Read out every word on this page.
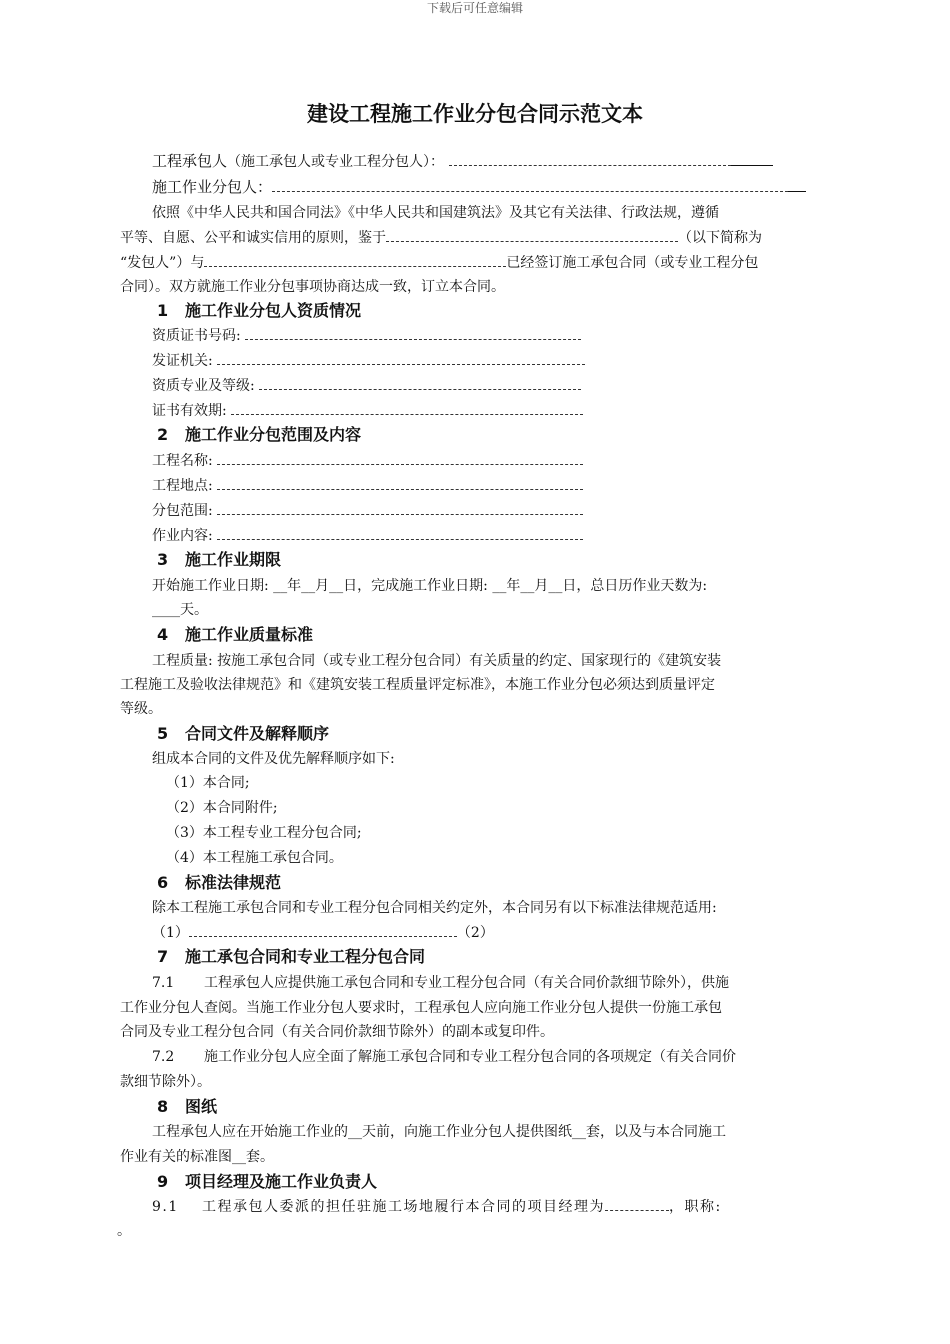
下载后可任意编辑
建设工程施工作业分包合同示范文本
工程承包人（施工承包人或专业工程分包人）：
施工作业分包人：
依照《中华人民共和国合同法》《中华人民共和国建筑法》及其它有关法律、行政法规，遵循
平等、自愿、公平和诚实信用的原则，鉴于	（以下简称为
“发包人”）与	已经签订施工承包合同（或专业工程分包
合同）。双方就施工作业分包事项协商达成一致，订立本合同。
1 施工作业分包人资质情况
资质证书号码:
发证机关:
资质专业及等级:
证书有效期:
2 施工作业分包范围及内容
工程名称:
工程地点:
分包范围:
作业内容:
3 施工作业期限
开始施工作业日期: __年__月__日，完成施工作业日期: __年__月__日，总日历作业天数为:
____天。
4 施工作业质量标准
工程质量: 按施工承包合同（或专业工程分包合同）有关质量的约定、国家现行的《建筑安装
工程施工及验收法律规范》和《建筑安装工程质量评定标准》，本施工作业分包必须达到质量评定
等级。
5 合同文件及解释顺序
组成本合同的文件及优先解释顺序如下:
（1）本合同;
（2）本合同附件;
（3）本工程专业工程分包合同;
（4）本工程施工承包合同。
6 标准法律规范
除本工程施工承包合同和专业工程分包合同相关约定外，本合同另有以下标准法律规范适用:
（1）	（2）
7 施工承包合同和专业工程分包合同
7.1 工程承包人应提供施工承包合同和专业工程分包合同（有关合同价款细节除外），供施
工作业分包人查阅。当施工作业分包人要求时，工程承包人应向施工作业分包人提供一份施工承包
合同及专业工程分包合同（有关合同价款细节除外）的副本或复印件。
7.2 施工作业分包人应全面了解施工承包合同和专业工程分包合同的各项规定（有关合同价
款细节除外）。
8 图纸
工程承包人应在开始施工作业的__天前，向施工作业分包人提供图纸__套，以及与本合同施工
作业有关的标准图__套。
9 项目经理及施工作业负责人
9.1 工程承包人委派的担任驻施工场地履行本合同的项目经理为	，职称:
。
